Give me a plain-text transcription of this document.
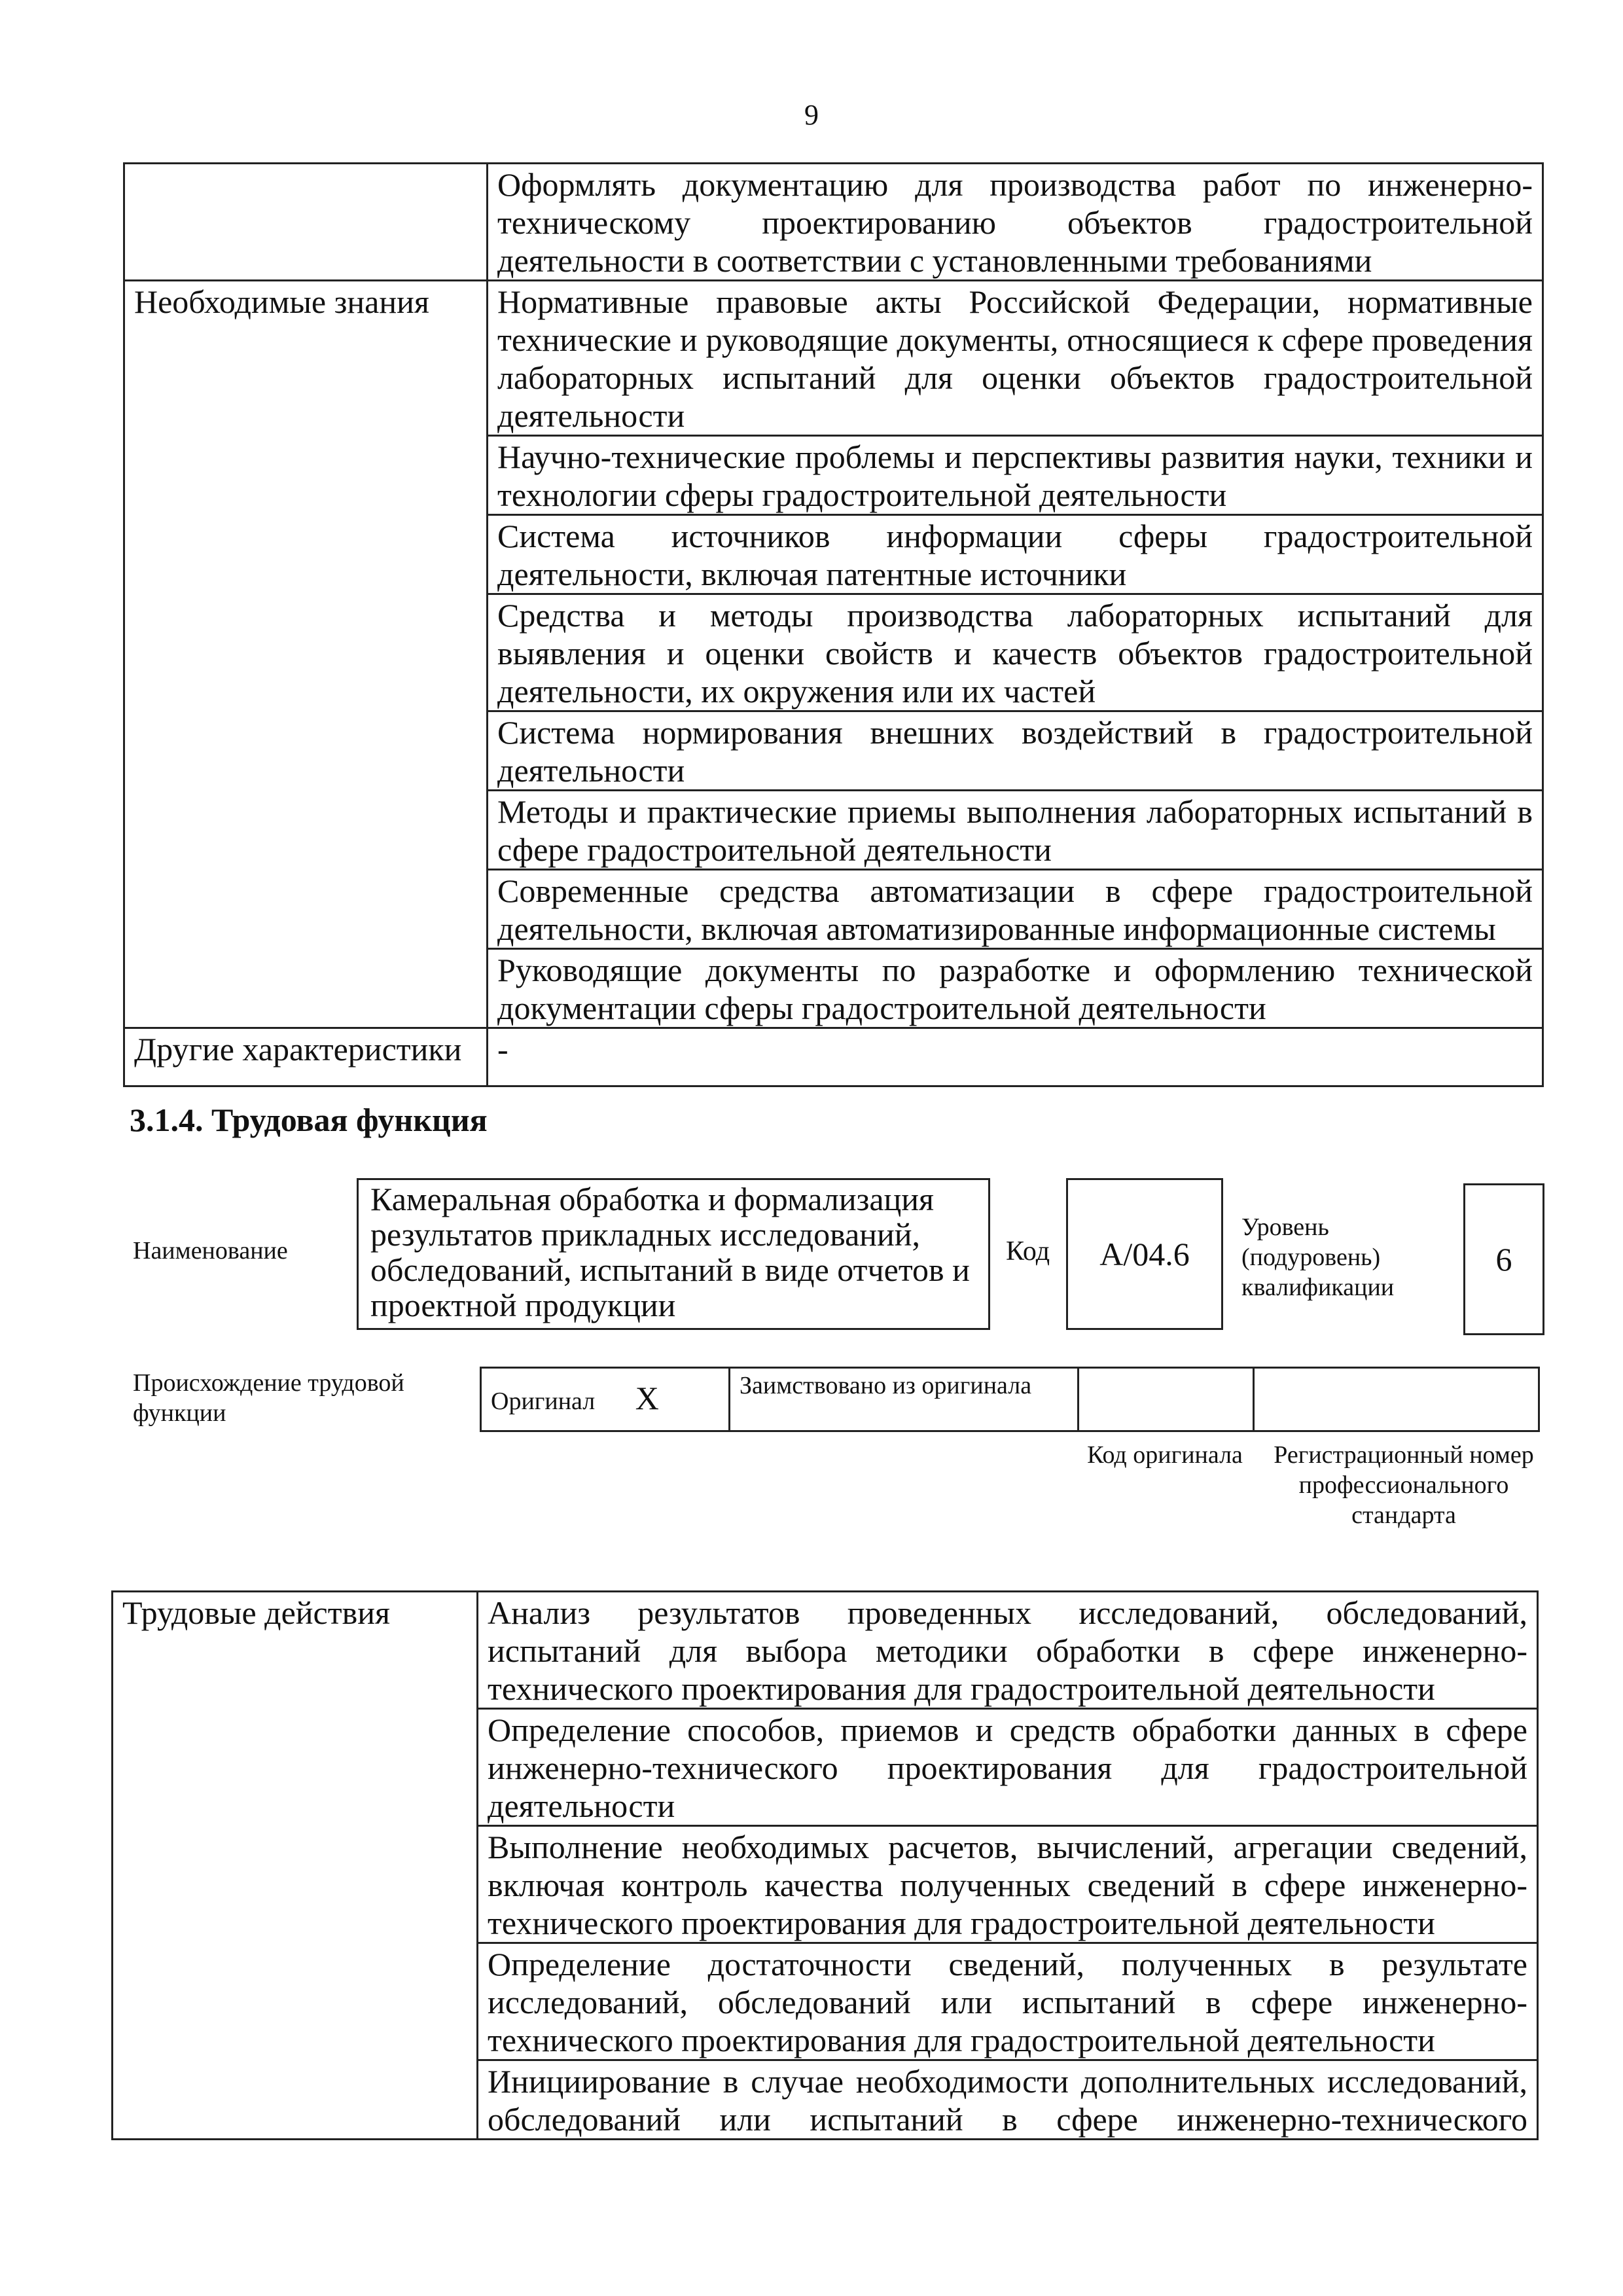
9
	Оформлять документацию для производства работ по инженерно-техническому проектированию объектов градостроительной деятельности в соответствии с установленными требованиями
Необходимые знания	Нормативные правовые акты Российской Федерации, нормативные технические и руководящие документы, относящиеся к сфере проведения лабораторных испытаний для оценки объектов градостроительной деятельности
	Научно-технические проблемы и перспективы развития науки, техники и технологии сферы градостроительной деятельности
	Система источников информации сферы градостроительной деятельности, включая патентные источники
	Средства и методы производства лабораторных испытаний для выявления и оценки свойств и качеств объектов градостроительной деятельности, их окружения или их частей
	Система нормирования внешних воздействий в градостроительной деятельности
	Методы и практические приемы выполнения лабораторных испытаний в сфере градостроительной деятельности
	Современные средства автоматизации в сфере градостроительной деятельности, включая автоматизированные информационные системы
	Руководящие документы по разработке и оформлению технической документации сферы градостроительной деятельности
Другие характеристики	-
3.1.4. Трудовая функция
Наименование
Камеральная обработка и формализация результатов прикладных исследований, обследований, испытаний в виде отчетов и проектной продукции
Код A/04.6
Уровень (подуровень) квалификации
6
Происхождение трудовой функции	Оригинал X	Заимствовано из оригинала		
Код оригинала Регистрационный номер профессионального стандарта
Трудовые действия	Анализ результатов проведенных исследований, обследований, испытаний для выбора методики обработки в сфере инженерно-технического проектирования для градостроительной деятельности
Определение способов, приемов и средств обработки данных в сфере инженерно-технического проектирования для градостроительной деятельности
Выполнение необходимых расчетов, вычислений, агрегации сведений, включая контроль качества полученных сведений в сфере инженерно-технического проектирования для градостроительной деятельности
Определение достаточности сведений, полученных в результате исследований, обследований или испытаний в сфере инженерно-технического проектирования для градостроительной деятельности
Инициирование в случае необходимости дополнительных исследований, обследований или испытаний в сфере инженерно-технического
